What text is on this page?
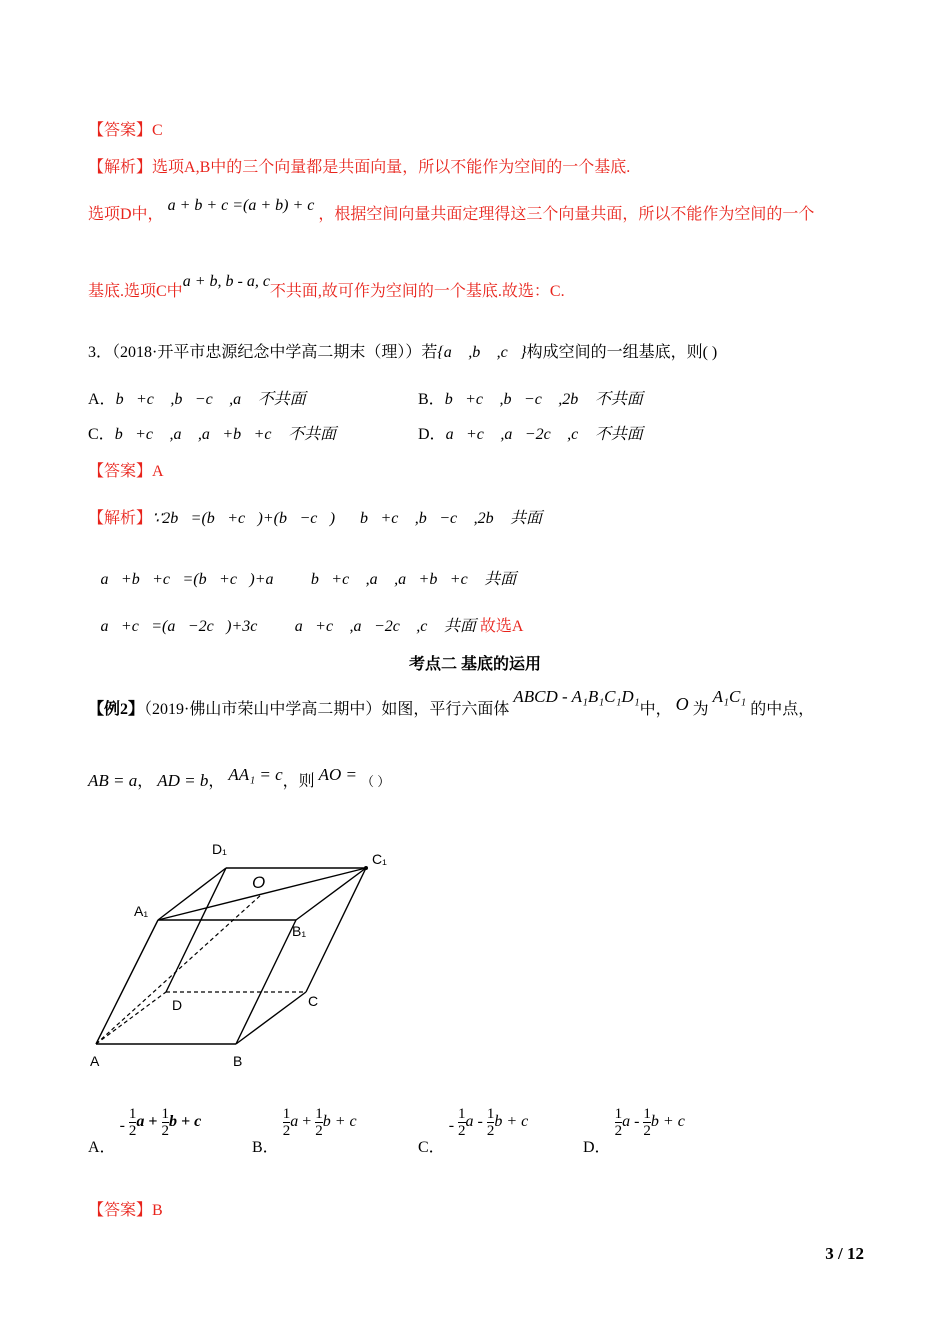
【答案】C
【解析】选项A,B中的三个向量都是共面向量，所以不能作为空间的一个基底.
选项D中， a + b + c =(a + b) + c ，根据空间向量共面定理得这三个向量共面，所以不能作为空间的一个
基底.选项C中a + b, b - a, c不共面,故可作为空间的一个基底.故选：C.
3．（2018·开平市忠源纪念中学高二期末（理））若{a⃗ ,b⃗ ,c⃗}构成空间的一组基底，则( )
A．b⃗+c⃗ ,b⃗−c⃗ ,a⃗ 不共面	B．b⃗+c⃗ ,b⃗−c⃗ ,2b⃗ 不共面
C．b⃗+c⃗ ,a⃗ ,a⃗+b⃗+c⃗ 不共面	D．a⃗+c⃗ ,a⃗−2c⃗ ,c⃗ 不共面
【答案】A
【解析】∵2b⃗=(b⃗+c⃗)+(b⃗−c⃗)，∴b⃗+c⃗ ,b⃗−c⃗ ,2b⃗ 共面
∵a⃗+b⃗+c⃗=(b⃗+c⃗)+a⃗，∴b⃗+c⃗ ,a⃗ ,a⃗+b⃗+c⃗ 共面
∵a⃗+c⃗=(a⃗−2c⃗)+3c⃗，∴a⃗+c⃗ ,a⃗−2c⃗ ,c⃗ 共面 故选A
考点二 基底的运用
【例2】（2019·佛山市荣山中学高二期中）如图，平行六面体 ABCD - A₁B₁C₁D₁中， O 为 A₁C₁ 的中点，
AB = a， AD = b， AA₁ = c，则 AO = （ ）
D₁
C₁
O
A₁
B₁
D	C
A	B
A． - $\frac{1}{2}$ $a + \frac{1}{2}$ b + c
B．
$\frac{1}{2}$ $a + \frac{1}{2}$ b + c
C． - $\frac{1}{2}$ a - $\frac{1}{2}$ b + c
D．
$\frac{1}{2}$ a - $\frac{1}{2}$ b + c
【答案】B
3 / 12
